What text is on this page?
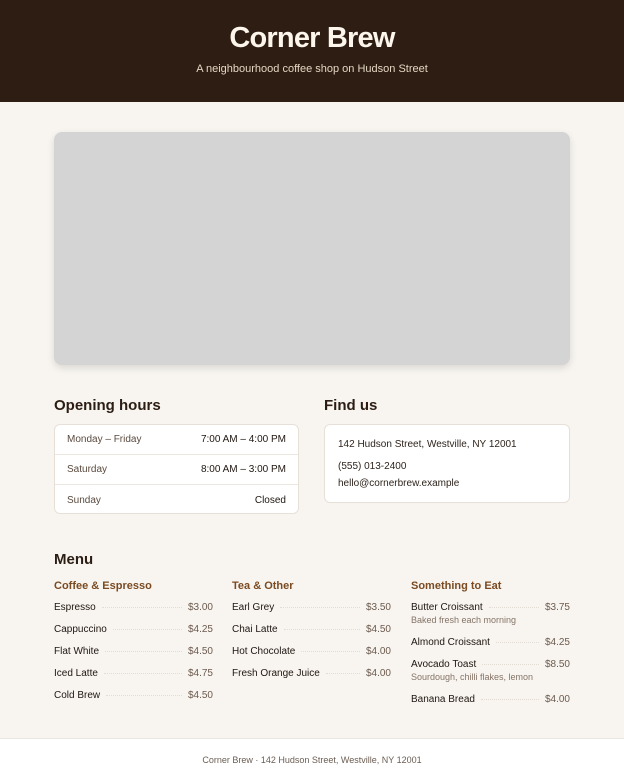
Corner Brew
A neighbourhood coffee shop on Hudson Street
Opening hours
Monday – Friday	7:00 AM – 4:00 PM
Saturday	8:00 AM – 3:00 PM
Sunday	Closed
Find us
142 Hudson Street, Westville, NY 12001
(555) 013-2400
hello@cornerbrew.example
Menu
Coffee & Espresso
Espresso	$3.00
Cappuccino	$4.25
Flat White	$4.50
Iced Latte	$4.75
Cold Brew	$4.50
Tea & Other
Earl Grey	$3.50
Chai Latte	$4.50
Hot Chocolate	$4.00
Fresh Orange Juice	$4.00
Something to Eat
Butter Croissant	$3.75
Baked fresh each morning
Almond Croissant	$4.25
Avocado Toast	$8.50
Sourdough, chilli flakes, lemon
Banana Bread	$4.00
Corner Brew · 142 Hudson Street, Westville, NY 12001
